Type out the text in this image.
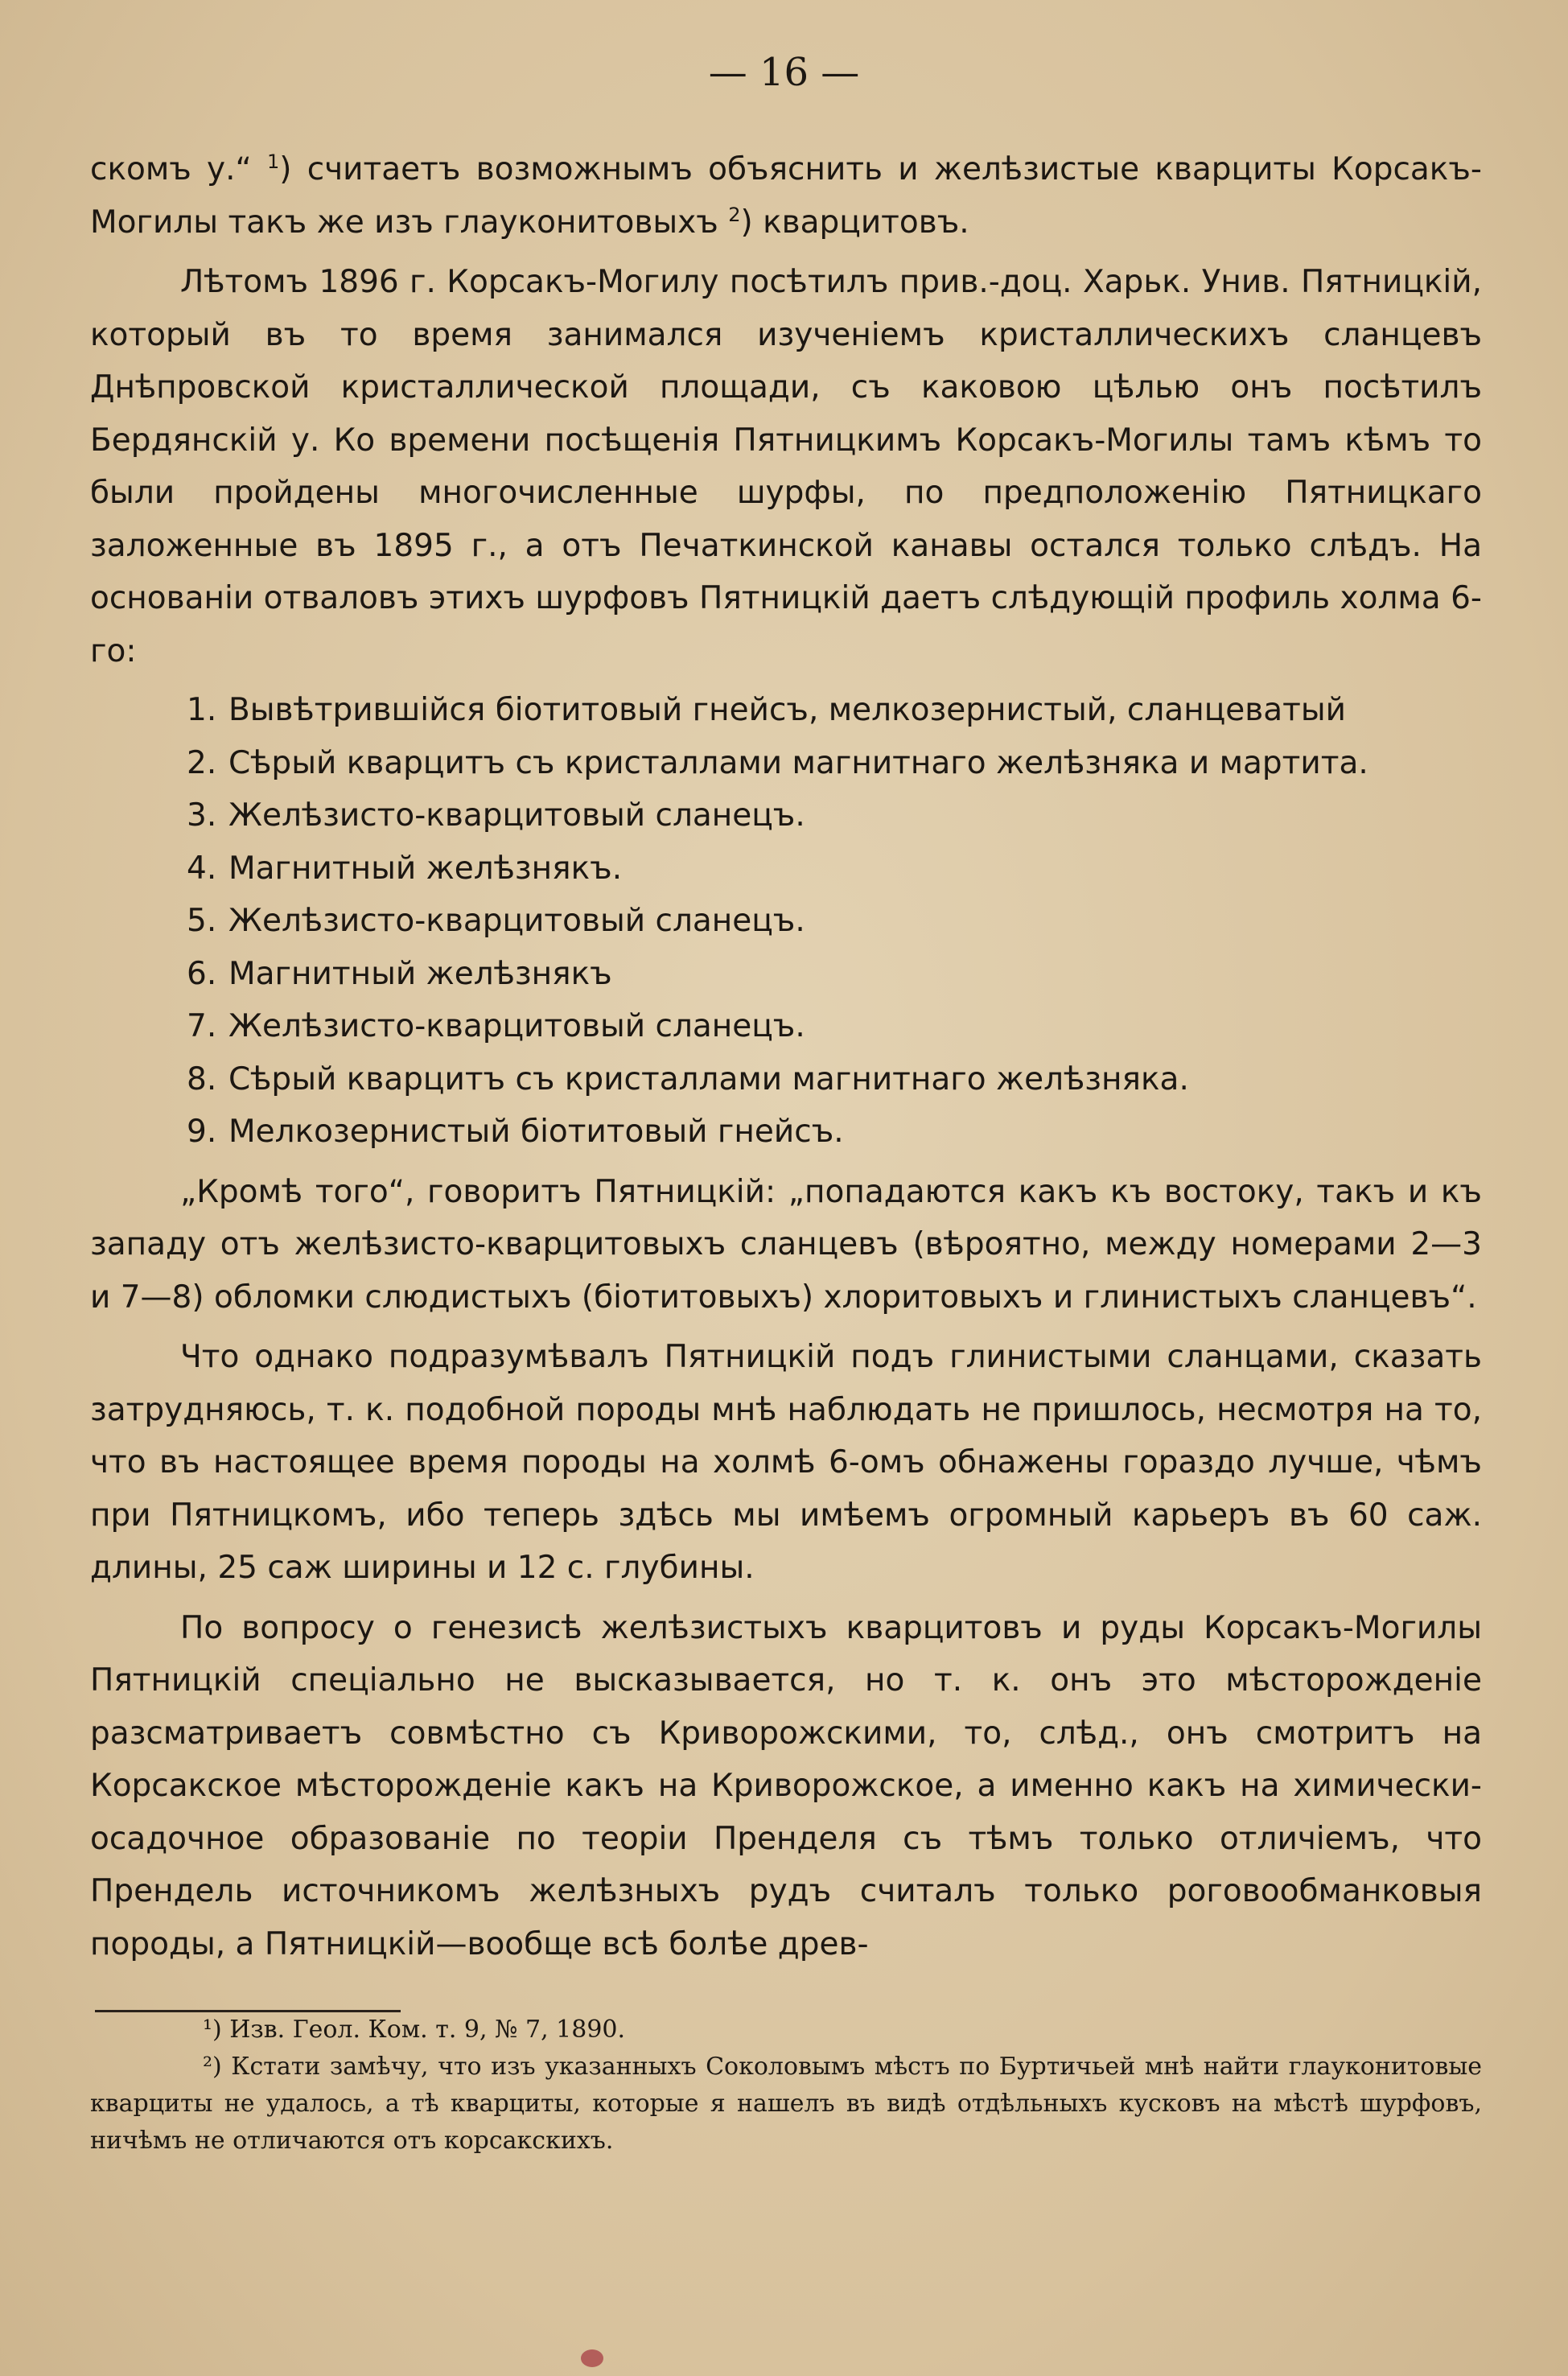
— 16 —

скомъ у.“ $^1$) считаетъ возможнымъ объяснить и желѣзистые кварциты Корсакъ-Могилы такъ же изъ глауконитовыхъ $^2$) кварцитовъ.

Лѣтомъ 1896 г. Корсакъ-Могилу посѣтилъ прив.-доц. Харьк. Унив. Пятницкій, который въ то время занимался изученіемъ кристаллическихъ сланцевъ Днѣпровской кристаллической площади, съ каковою цѣлью онъ посѣтилъ Бердянскій у. Ко времени посѣщенія Пятницкимъ Корсакъ-Могилы тамъ кѣмъ то были пройдены многочисленные шурфы, по предположенію Пятницкаго заложенные въ 1895 г., а отъ Печаткинской канавы остался только слѣдъ. На основаніи отваловъ этихъ шурфовъ Пятницкій даетъ слѣдующій профиль холма 6-го:

1. Вывѣтрившійся біотитовый гнейсъ, мелкозернистый, сланцеватый
2. Сѣрый кварцитъ съ кристаллами магнитнаго желѣзняка и мартита.
3. Желѣзисто-кварцитовый сланецъ.
4. Магнитный желѣзнякъ.
5. Желѣзисто-кварцитовый сланецъ.
6. Магнитный желѣзнякъ
7. Желѣзисто-кварцитовый сланецъ.
8. Сѣрый кварцитъ съ кристаллами магнитнаго желѣзняка.
9. Мелкозернистый біотитовый гнейсъ.

„Кромѣ того“, говоритъ Пятницкій: „попадаются какъ къ востоку, такъ и къ западу отъ желѣзисто-кварцитовыхъ сланцевъ (вѣроятно, между номерами 2—3 и 7—8) обломки слюдистыхъ (біотитовыхъ) хлоритовыхъ и глинистыхъ сланцевъ“.

Что однако подразумѣвалъ Пятницкій подъ глинистыми сланцами, сказать затрудняюсь, т. к. подобной породы мнѣ наблюдать не пришлось, несмотря на то, что въ настоящее время породы на холмѣ 6-омъ обнажены гораздо лучше, чѣмъ при Пятницкомъ, ибо теперь здѣсь мы имѣемъ огромный карьеръ въ 60 саж. длины, 25 саж ширины и 12 с. глубины.

По вопросу о генезисѣ желѣзистыхъ кварцитовъ и руды Корсакъ-Могилы Пятницкій спеціально не высказывается, но т. к. онъ это мѣсторожденіе разсматриваетъ совмѣстно съ Криворожскими, то, слѣд., онъ смотритъ на Корсакское мѣсторожденіе какъ на Криворожское, а именно какъ на химически-осадочное образованіе по теоріи Пренделя съ тѣмъ только отличіемъ, что Прендель источникомъ желѣзныхъ рудъ считалъ только роговообманковыя породы, а Пятницкій—вообще всѣ болѣе древ-

¹) Изв. Геол. Ком. т. 9, № 7, 1890.

²) Кстати замѣчу, что изъ указанныхъ Соколовымъ мѣстъ по Буртичьей мнѣ найти глауконитовые кварциты не удалось, а тѣ кварциты, которые я нашелъ въ видѣ отдѣльныхъ кусковъ на мѣстѣ шурфовъ, ничѣмъ не отличаются отъ корсакскихъ.
